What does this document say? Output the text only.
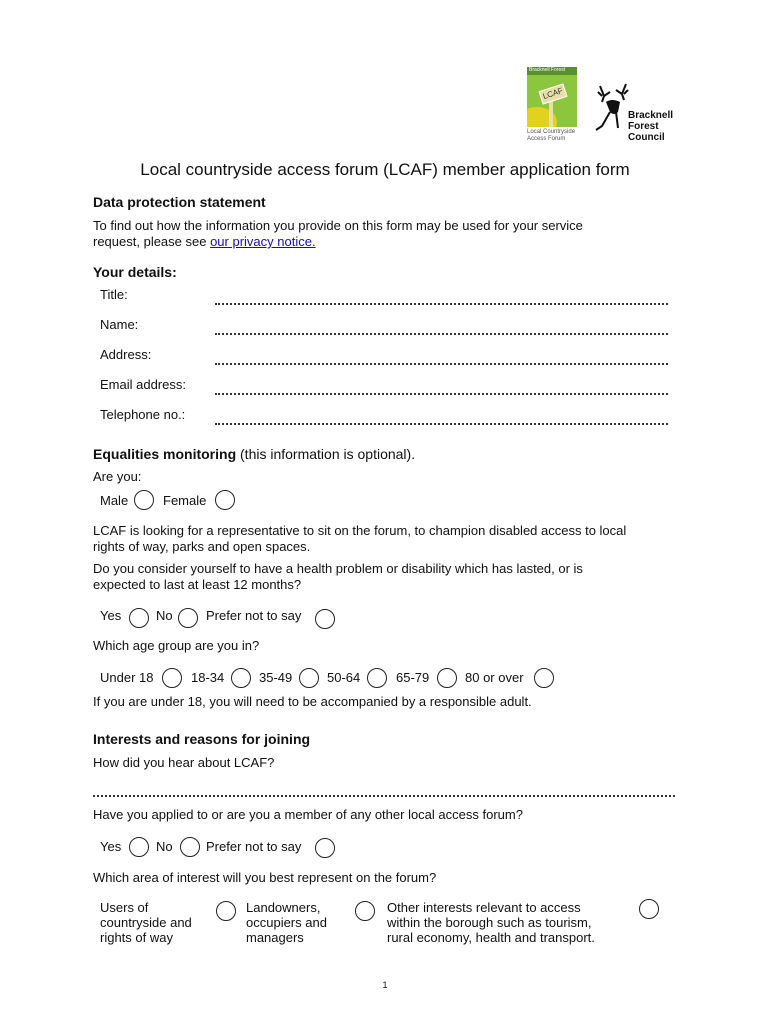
Bracknell Forest
LCAF
Local Countryside Access Forum
Bracknell
Forest
Council
Local countryside access forum (LCAF) member application form
Data protection statement
To find out how the information you provide on this form may be used for your service
request, please see our privacy notice.
Your details:
Title:
Name:
Address:
Email address:
Telephone no.:
Equalities monitoring (this information is optional).
Are you:
Male	Female
LCAF is looking for a representative to sit on the forum, to champion disabled access to local
rights of way, parks and open spaces.
Do you consider yourself to have a health problem or disability which has lasted, or is
expected to last at least 12 months?
Yes	No	Prefer not to say
Which age group are you in?
Under 18	18-34	35-49	50-64	65-79	80 or over
If you are under 18, you will need to be accompanied by a responsible adult.
Interests and reasons for joining
How did you hear about LCAF?
Have you applied to or are you a member of any other local access forum?
Yes	No	Prefer not to say
Which area of interest will you best represent on the forum?
Users of
countryside and
rights of way
Landowners,
occupiers and
managers
Other interests relevant to access
within the borough such as tourism,
rural economy, health and transport.
1
